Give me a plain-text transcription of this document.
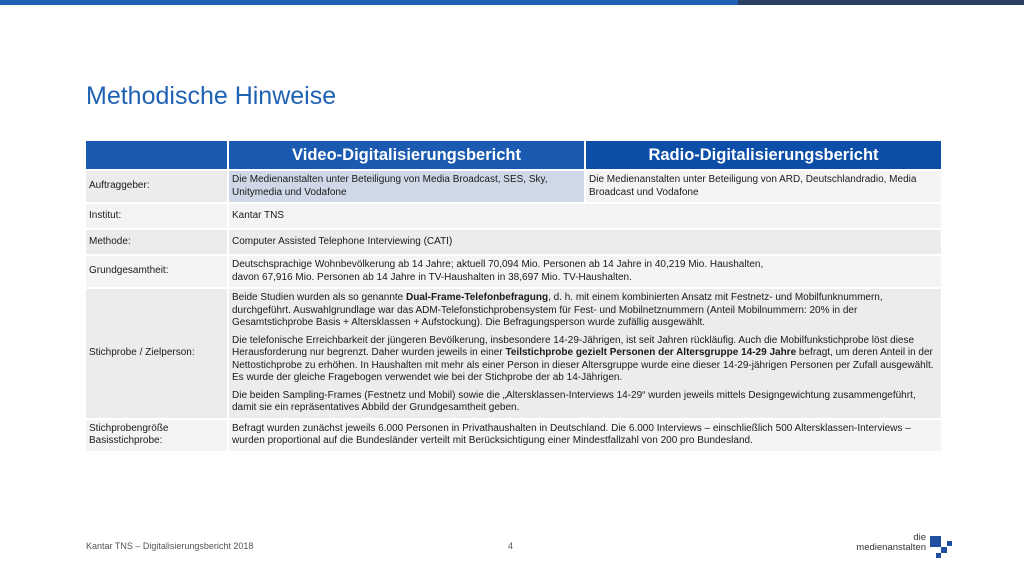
Methodische Hinweise
	Video-Digitalisierungsbericht	Radio-Digitalisierungsbericht
Auftraggeber:	Die Medienanstalten unter Beteiligung von Media Broadcast, SES, Sky, Unitymedia und Vodafone	Die Medienanstalten unter Beteiligung von ARD, Deutschlandradio, Media Broadcast und Vodafone
Institut:	Kantar TNS	
Methode:	Computer Assisted Telephone Interviewing (CATI)	
Grundgesamtheit:	Deutschsprachige Wohnbevölkerung ab 14 Jahre; aktuell 70,094 Mio. Personen ab 14 Jahre in 40,219 Mio. Haushalten,
davon 67,916 Mio. Personen ab 14 Jahre in TV-Haushalten in 38,697 Mio. TV-Haushalten.	

Stichprobe / Zielperson:	Beide Studien wurden als so genannte Dual-Frame-Telefonbefragung, d. h. mit einem kombinierten Ansatz mit Festnetz- und Mobilfunknummern, durchgeführt. Auswahlgrundlage war das ADM-Telefonstichprobensystem für Fest- und Mobilnetznummern (Anteil Mobilnummern: 20% in der Gesamtstichprobe Basis + Altersklassen + Aufstockung). Die Befragungsperson wurde zufällig ausgewählt.

Die telefonische Erreichbarkeit der jüngeren Bevölkerung, insbesondere 14-29-Jährigen, ist seit Jahren rückläufig. Auch die Mobilfunkstichprobe löst diese Herausforderung nur begrenzt. Daher wurden jeweils in einer Teilstichprobe gezielt Personen der Altersgruppe 14-29 Jahre befragt, um deren Anteil in der Nettostichprobe zu erhöhen. In Haushalten mit mehr als einer Person in dieser Altersgruppe wurde eine dieser 14-29-jährigen Personen per Zufall ausgewählt. Es wurde der gleiche Fragebogen verwendet wie bei der Stichprobe der ab 14-Jährigen.

Die beiden Sampling-Frames (Festnetz und Mobil) sowie die „Altersklassen-Interviews 14-29“ wurden jeweils mittels Designgewichtung zusammengeführt, damit sie ein repräsentatives Abbild der Grundgesamtheit geben.	

Stichprobengröße
Basisstichprobe:	Befragt wurden zunächst jeweils 6.000 Personen in Privathaushalten in Deutschland. Die 6.000 Interviews – einschließlich 500 Altersklassen-Interviews – wurden proportional auf die Bundesländer verteilt mit Berücksichtigung einer Mindestfallzahl von 200 pro Bundesland.	
Kantar TNS – Digitalisierungsbericht 2018	4
die
medienanstalten
